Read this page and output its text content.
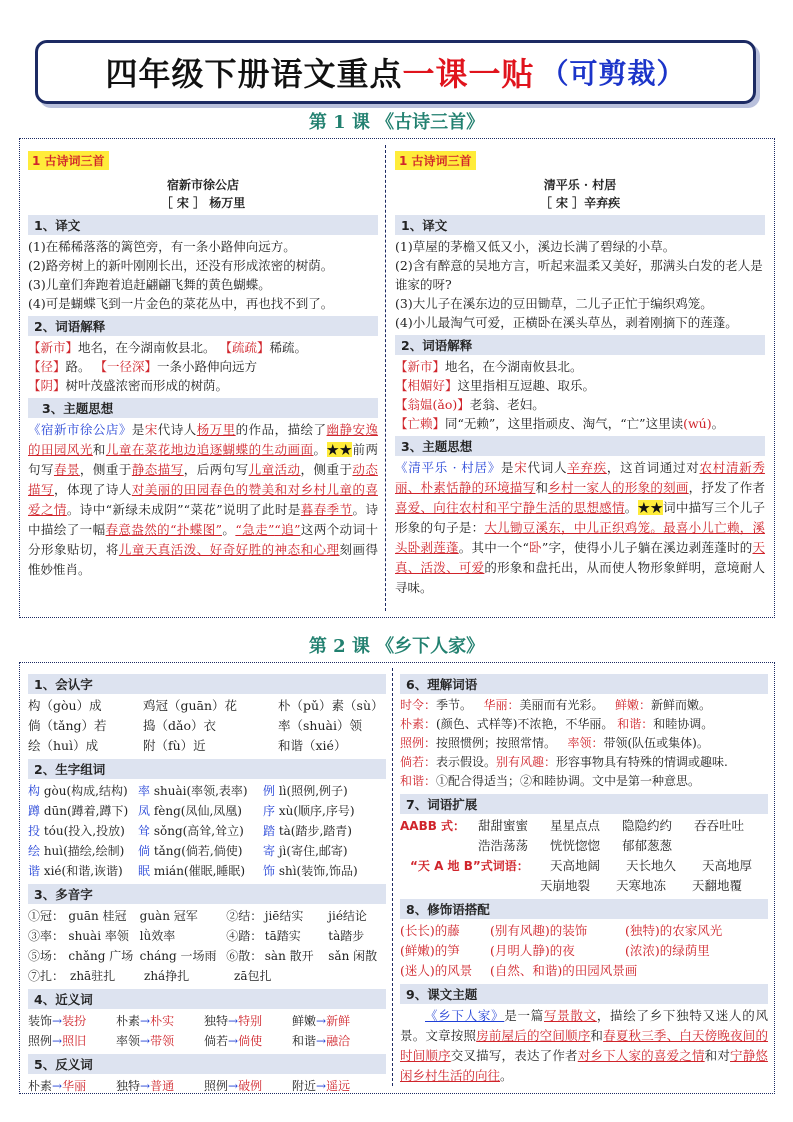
四年级下册语文重点 一课一贴 （可剪裁）
第 1 课 《古诗三首》
1 古诗词三首
宿新市徐公店
［ 宋 ］ 杨万里
1、译文
(1)在稀稀落落的篱笆旁，有一条小路伸向远方。
(2)路旁树上的新叶刚刚长出，还没有形成浓密的树荫。
(3)儿童们奔跑着追赶翩翩飞舞的黄色蝴蝶。
(4)可是蝴蝶飞到一片金色的菜花丛中，再也找不到了。
2、词语解释
【新市】地名，在今湖南攸县北。 【疏疏】稀疏。
【径】路。 【一径深】一条小路伸向远方
【阴】树叶茂盛浓密而形成的树荫。
3、主题思想
《宿新市徐公店》是宋代诗人杨万里的作品，描绘了幽静安逸的田园风光和儿童在菜花地边追逐蝴蝶的生动画面。★★前两句写春景，侧重于静态描写，后两句写儿童活动，侧重于动态描写，体现了诗人对美丽的田园春色的赞美和对乡村儿童的喜爱之情。诗中“新绿未成阴”“菜花”说明了此时是暮春季节。诗中描绘了一幅春意盎然的“扑蝶图”。“急走”“追”这两个动词十分形象贴切，将儿童天真活泼、好奇好胜的神态和心理刻画得惟妙惟肖。
1 古诗词三首
清平乐 · 村居
［ 宋 ］辛弃疾
1、译文
(1)草屋的茅檐又低又小，溪边长满了碧绿的小草。
(2)含有醉意的吴地方言，听起来温柔又美好，那满头白发的老人是谁家的呀?
(3)大儿子在溪东边的豆田锄草，二儿子正忙于编织鸡笼。
(4)小儿最淘气可爱，正横卧在溪头草丛，剥着刚摘下的莲蓬。
2、词语解释
【新市】地名，在今湖南攸县北。
【相媚好】这里指相互逗趣、取乐。
【翁媪(ǎo)】老翁、老妇。
【亡赖】同“无赖”，这里指顽皮、淘气，“亡”这里读(wú)。
3、主题思想
《清平乐 · 村居》是宋代词人辛弃疾，这首词通过对农村清新秀丽、朴素恬静的环境描写和乡村一家人的形象的刻画，抒发了作者喜爱、向往农村和平宁静生活的思想感情。★★词中描写三个儿子形象的句子是：大儿锄豆溪东，中儿正织鸡笼。最喜小儿亡赖，溪头卧剥莲蓬。其中一个“卧”字，使得小儿子躺在溪边剥莲蓬时的天真、活泼、可爱的形象和盘托出，从而使人物形象鲜明，意境耐人寻味。
第 2 课 《乡下人家》
1、会认字
构（gòu）成	鸡冠（guān）花	朴（pǔ）素（sù）
倘（tǎng）若	捣（dǎo）衣	率（shuài）领
绘（huì）成	附（fù）近	和谐（xié）
2、生字组词
构 gòu(构成,结构) 率 shuài(率领,表率)	例 lì(照例,例子)
蹲 dūn(蹲着,蹲下) 凤 fèng(凤仙,凤凰)	序 xù(顺序,序号)
投 tóu(投入,投放)	耸 sǒng(高耸,耸立)	踏 tà(踏步,踏青)
绘 huì(描绘,绘制)	倘 tǎng(倘若,倘使)	寄 jì(寄住,邮寄)
谐 xié(和谐,诙谐)	眠 mián(催眠,睡眠)	饰 shì(装饰,饰品)
3、多音字
①冠： guān 桂冠	guàn 冠军	②结： jiē结实	jié结论
③率： shuài 率领 lǜ效率	④踏： tā踏实	tà踏步
⑤场： chǎng 广场 cháng 一场雨 ⑥散： sàn 散开	sǎn 闲散
⑦扎： zhā驻扎	zhá挣扎	zā包扎
4、近义词
装饰→装扮	朴素→朴实	独特→特别	鲜嫩→新鲜
照例→照旧	率领→带领	倘若→倘使	和谐→融洽
5、反义词
朴素→华丽	独特→普通	照例→破例	附近→遥远
6、理解词语
时令：季节。 华丽：美丽而有光彩。 鲜嫩：新鲜而嫩。
朴素：(颜色、式样等)不浓艳，不华丽。 和谐：和睦协调。
照例：按照惯例；按照常情。 率领：带领(队伍或集体)。
倘若：表示假设。别有风趣：形容事物具有特殊的情调或趣味.
和谐：①配合得适当；②和睦协调。文中是第一种意思。
7、词语扩展
AABB 式：	甜甜蜜蜜	星星点点	隐隐约约	吞吞吐吐
浩浩荡荡	恍恍惚惚	郁郁葱葱
“天 A 地 B”式词语：	天高地阔	天长地久	天高地厚
天崩地裂	天寒地冻	天翻地覆
8、修饰语搭配
(长长)的藤	(别有风趣)的装饰	(独特)的农家风光
(鲜嫩)的笋	(月明人静)的夜	(浓浓)的绿荫里
(迷人)的风景	(自然、和谐)的田园风景画
9、课文主题
《乡下人家》是一篇写景散文，描绘了乡下独特又迷人的风景。文章按照房前屋后的空间顺序和春夏秋三季、白天傍晚夜间的时间顺序交叉描写，表达了作者对乡下人家的喜爱之情和对宁静悠闲乡村生活的向往。
